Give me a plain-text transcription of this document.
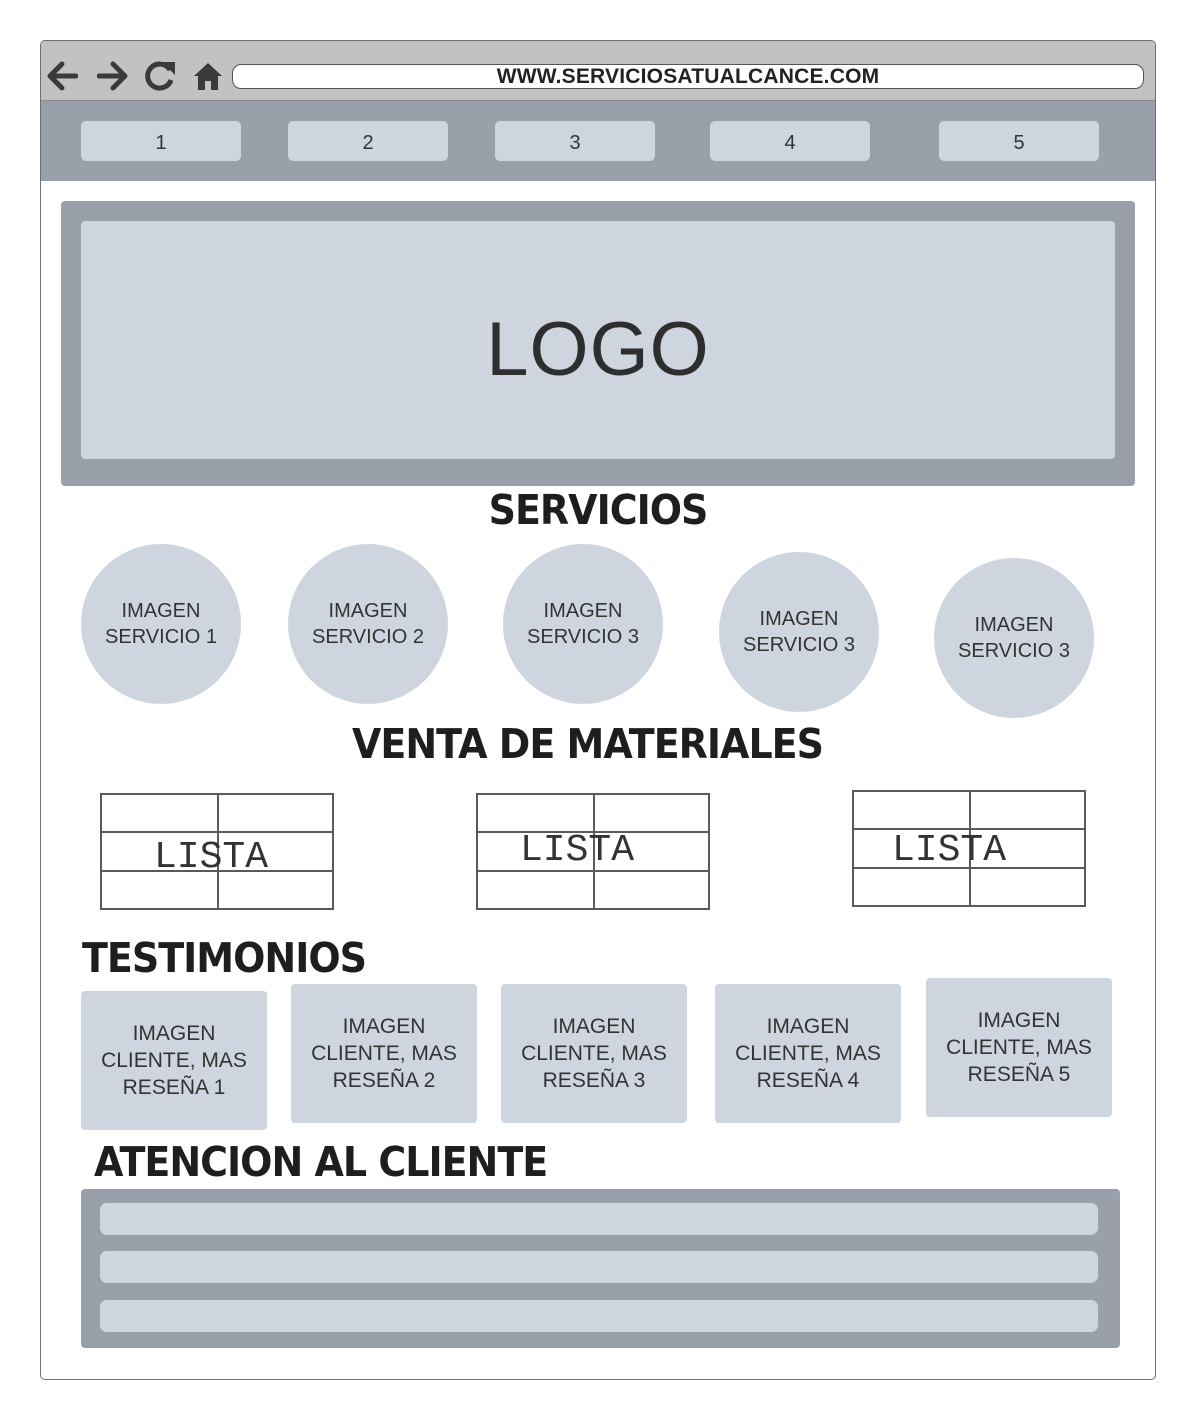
WWW.SERVICIOSATUALCANCE.COM
1	2	3	4	5
LOGO
SERVICIOS
IMAGEN
SERVICIO 1
IMAGEN
SERVICIO 2
IMAGEN
SERVICIO 3
IMAGEN
SERVICIO 3
IMAGEN
SERVICIO 3
VENTA DE MATERIALES
LISTA	LISTA	LISTA
TESTIMONIOS
IMAGEN
CLIENTE, MAS
RESEÑA 1
IMAGEN
CLIENTE, MAS
RESEÑA 2
IMAGEN
CLIENTE, MAS
RESEÑA 3
IMAGEN
CLIENTE, MAS
RESEÑA 4
IMAGEN
CLIENTE, MAS
RESEÑA 5
ATENCION AL CLIENTE
